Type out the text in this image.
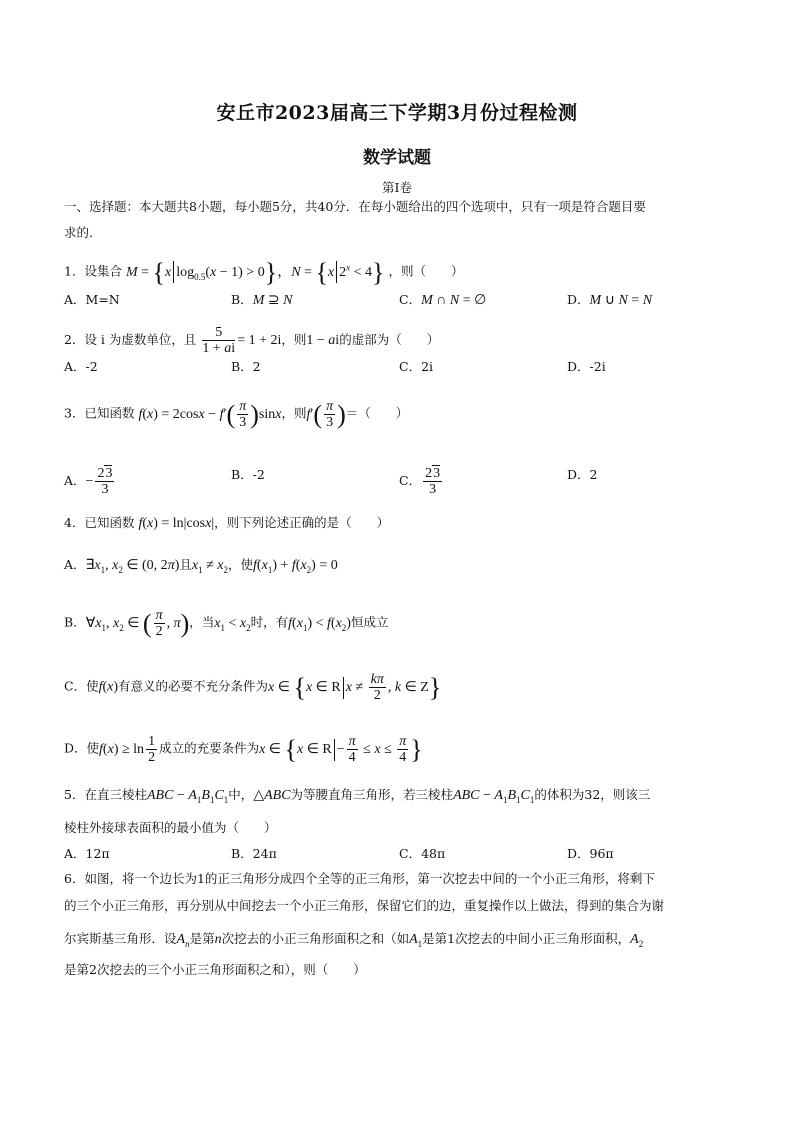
安丘市2023届高三下学期3月份过程检测
数学试题
第Ⅰ卷
一、选择题：本大题共8小题，每小题5分，共40分．在每小题给出的四个选项中，只有一项是符合题目要
求的．
1．设集合 M = {x $\log_{0.5}(x - 1) > 0$}，N = {x $2^x < 4$} ，则（　　）
A．M=N	B．M ⊇ N	C．M ∩ N = ∅	D．M ∪ N = N
2．设 i 为虚数单位，且 $\frac{5}{1 + ai} = 1 + 2i$，则1 − ai的虚部为（　　）
A．-2	B．2	C．2i	D．-2i
3．已知函数 $f(x) = 2\cos x - f'( \frac{\pi}{3} )\sin x$，则$f'( \frac{\pi}{3}$ )＝（　　）
A．− $\frac{23}{3}$	B．-2	C． $\frac{23}{3}$	D．2
4．已知函数 f(x) = ln|cosx|，则下列论述正确的是（　　）
A．$\exists x_1$, $x_2$ ∈ (0, 2π)且$x_1 \ne x_2$，使$f(x_1) + f(x_2) = 0$
B．$\forall x_1$, $x_2$ ∈ ( $\frac{\pi}{2}$ , π)，当$x_1 < x_2$时，有$f(x_1) < f(x_2)$恒成立
C．使f(x)有意义的必要不充分条件为x ∈ {x ∈ R $x \ne \frac{k\pi}{2}$ , k ∈ Z}
D．使$f(x) \ge \ln \frac{1}{2}$ 成立的充要条件为x ∈ {x ∈ $R - \frac{\pi}{4} \le x \le \frac{\pi}{4}$ }
5．在直三棱柱ABC − $A_1B_1C_1$中，△ABC为等腰直角三角形，若三棱柱ABC − $A_1B_1C_1$的体积为32，则该三
棱柱外接球表面积的最小值为（　　）
A．12π	B．24π	C．48π	D．96π
6．如图，将一个边长为1的正三角形分成四个全等的正三角形，第一次挖去中间的一个小正三角形，将剩下
的三个小正三角形，再分别从中间挖去一个小正三角形，保留它们的边，重复操作以上做法，得到的集合为谢
尔宾斯基三角形．设$A_n$是第n次挖去的小正三角形面积之和（如$A_1$是第1次挖去的中间小正三角形面积，$A_2$
是第2次挖去的三个小正三角形面积之和），则（　　）
